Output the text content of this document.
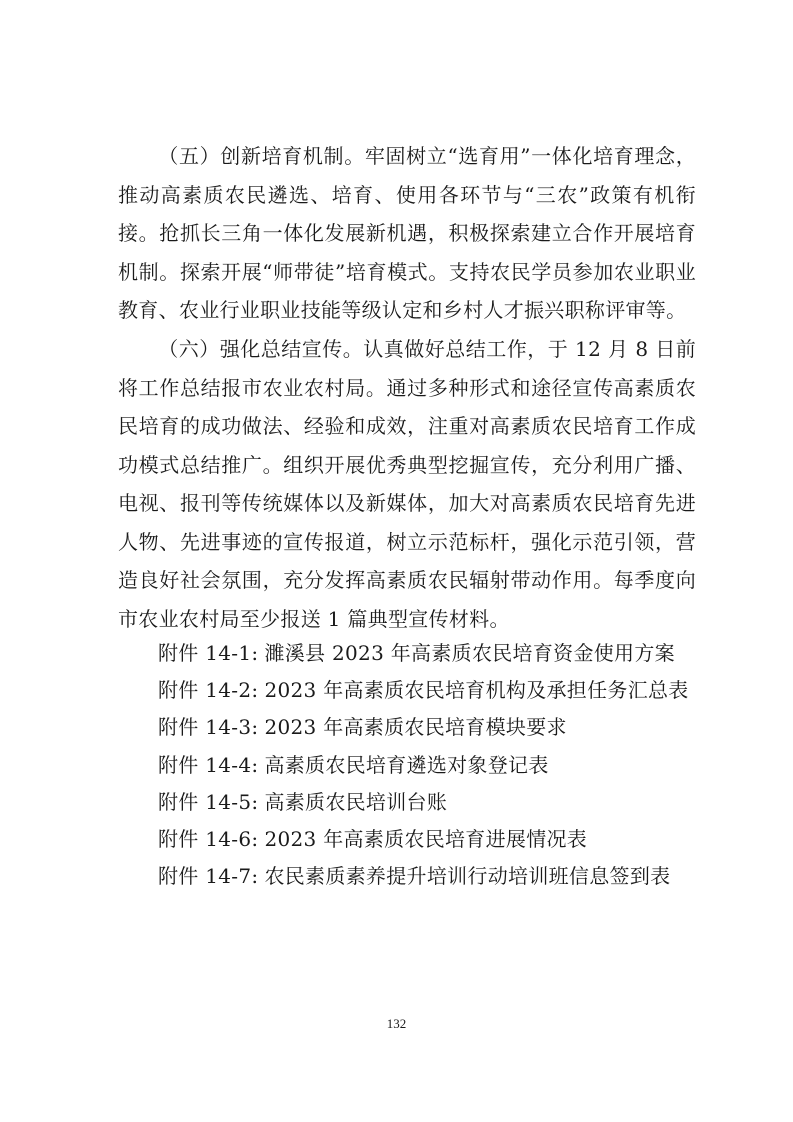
（五）创新培育机制。牢固树立“选育用”一体化培育理念，推动高素质农民遴选、培育、使用各环节与“三农”政策有机衔接。抢抓长三角一体化发展新机遇，积极探索建立合作开展培育机制。探索开展“师带徒”培育模式。支持农民学员参加农业职业教育、农业行业职业技能等级认定和乡村人才振兴职称评审等。

（六）强化总结宣传。认真做好总结工作，于 12 月 8 日前将工作总结报市农业农村局。通过多种形式和途径宣传高素质农民培育的成功做法、经验和成效，注重对高素质农民培育工作成功模式总结推广。组织开展优秀典型挖掘宣传，充分利用广播、电视、报刊等传统媒体以及新媒体，加大对高素质农民培育先进人物、先进事迹的宣传报道，树立示范标杆，强化示范引领，营造良好社会氛围，充分发挥高素质农民辐射带动作用。每季度向市农业农村局至少报送 1 篇典型宣传材料。

附件 14-1: 濉溪县 2023 年高素质农民培育资金使用方案
附件 14-2: 2023 年高素质农民培育机构及承担任务汇总表
附件 14-3: 2023 年高素质农民培育模块要求
附件 14-4: 高素质农民培育遴选对象登记表
附件 14-5: 高素质农民培训台账
附件 14-6: 2023 年高素质农民培育进展情况表
附件 14-7: 农民素质素养提升培训行动培训班信息签到表
132
